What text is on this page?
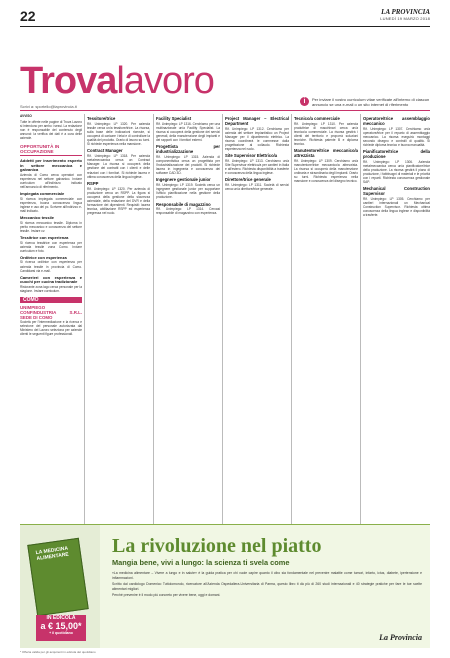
22	LA PROVINCIA
LUNEDÌ 19 MARZO 2018
Trovalavoro
Scrivi a: sportello@laprovincia.it
i	Per inviare il vostro curriculum vitae verificate all'interno di ciascun annuncio se una e-mail o un sito internet di riferimento

AVVISO

Tutte le offerte nelle pagine di Trova Lavoro si intendono per ambo i sessi. La redazione non è responsabile del contenuto degli annunci: la verifica dei dati è a cura delle aziende.

OPPORTUNITÀ IN OCCUPAZIONE

Addetti per inserimento esperto in settore meccanica e galvanica

Azienda di Como cerca operatori con esperienza nel settore galvanico. Inviare curriculum all'indirizzo indicato nell'annuncio di riferimento.

Impiegata commerciale

Si ricerca impiegata commerciale con esperienza, buona conoscenza lingua inglese e uso del pc. Scrivere all'indirizzo e-mail indicato.

Meccanico tessile

Si ricerca meccanico tessile. Diploma in perito meccanico e conoscenza del settore tessile. Inviare cv.

Tessitrice con esperienza

Si ricerca tessitrice con esperienza per azienda tessile zona Como. Inviare curriculum e foto.

Orditrice con esperienza

Si ricerca orditrice con esperienza per azienda tessile in provincia di Como. Candidarsi via e-mail.

Camerieri con esperienza e cuochi per cucina tradizionale

Ristorante zona lago cerca personale per la stagione. Inviare curriculum.

COMO

UNIMPIEGO CONFINDUSTRIA S.R.L. SEDE DI COMO

Società per l'intermediazione e la ricerca e selezione del personale autorizzata dal Ministero del Lavoro seleziona per aziende clienti le seguenti figure professionali.

Tessitore/trice

Rif. Unimpiego: LP 1320. Per azienda tessile cerca un/a tessitore/trice. La risorsa, sulla base delle indicazioni ricevute, si occuperà di caricare i telai e di controllare la qualità del prodotto. Orario di lavoro su turni. Si richiede esperienza nella mansione.

Contract Manager

Rif. Unimpiego: LP 1318. Per azienda metalmeccanica cerca un Contract Manager. La risorsa si occuperà della gestione dei contratti con i clienti e delle relazioni con i fornitori. Si richiede laurea e ottima conoscenza della lingua inglese.

RSPP

Rif. Unimpiego: LP 1320. Per azienda di produzione cerca un RSPP. La figura si occuperà della gestione della sicurezza aziendale, della redazione del DVR e della formazione dei dipendenti. Requisiti: laurea tecnica, abilitazione RSPP ed esperienza pregressa nel ruolo.

Facility Specialist

Rif. Unimpiego: LP 1316. Cerchiamo per una multinazionale un/a Facility Specialist. La risorsa si occuperà della gestione dei servizi generali, della manutenzione degli impianti e dei rapporti con i fornitori esterni.

Progettista per industrializzazione

Rif. Unimpiego: LP 1315. Azienda di componentistica cerca un progettista per l'industrializzazione dei prodotti. Si richiede laurea in ingegneria e conoscenza dei software CAD 3D.

Ingegnere gestionale junior

Rif. Unimpiego: LP 1319. Società cerca un ingegnere gestionale junior per supportare l'ufficio pianificazione nella gestione della produzione.

Responsabile di magazzino

Rif. Unimpiego: LP 1314. Cercasi responsabile di magazzino con esperienza.

Project Manager – Electrical Department

Rif. Unimpiego: LP 1312. Cerchiamo per azienda del settore impiantistico un Project Manager per il dipartimento elettrico. La risorsa coordinerà le commesse dalla progettazione al collaudo. Richiesta esperienza nel ruolo.

Site Supervisor Elettrico/a

Rif. Unimpiego: LP 1313. Cerchiamo un/a Site Supervisor elettrico/a per cantieri in Italia e all'estero. Richiesta disponibilità a trasferte e conoscenza della lingua inglese.

Direttore/trice generale

Rif. Unimpiego: LP 1311. Società di servizi cerca un/a direttore/trice generale.

Tecnico/a commerciale

Rif. Unimpiego: LP 1310. Per azienda produttrice di macchinari cerca un/a tecnico/a commerciale. La risorsa gestirà i clienti del territorio e proporrà soluzioni tecniche. Richiesta patente B e diploma tecnico.

Manutentore/trice meccanico/a attrezzista

Rif. Unimpiego: LP 1309. Cerchiamo un/a manutentore/trice meccanico/a attrezzista. La risorsa si occuperà della manutenzione ordinaria e straordinaria degli impianti. Orario su turni. Richiesta esperienza nella mansione e conoscenza del disegno tecnico.

Operatore/trice assemblaggio meccanico

Rif. Unimpiego: LP 1307. Cerchiamo un/a operatore/trice per il reparto di assemblaggio meccanico. La risorsa eseguirà montaggi secondo disegno e controlli di qualità. Si richiede diploma tecnico e buona manualità.

Pianificatore/trice della produzione

Rif. Unimpiego: LP 1306. Azienda metalmeccanica cerca un/a pianificatore/trice della produzione. La risorsa gestirà il piano di produzione, i fabbisogni di materiali e le priorità con i reparti. Richiesta conoscenza gestionale SAP.

Mechanical Construction Supervisor

Rif. Unimpiego: LP 1305. Cerchiamo per cantieri internazionali un Mechanical Construction Supervisor. Richiesta ottima conoscenza della lingua inglese e disponibilità a trasferte.

LA MEDICINA ALIMENTARE
IN EDICOLA
a € 15,00*
+ il quotidiano
La rivoluzione nel piatto
Mangia bene, vivi a lungo: la scienza ti svela come

«La medicina alimentare – Vivere a lungo e in salute» è la guida pratica per chi vuole capire quanto il cibo sia fondamentale nel prevenire malattie come tumori, infarto, ictus, diabete, ipertensione e infiammazioni.

Scritto dal cardiologo Domenico Tuttolomondo, ricercatore all'Azienda Ospedaliera-Universitaria di Parma, questo libro ti dà più di 260 studi internazionali e 40 strategie pratiche per fare le tue scelte alimentari migliori.

Perché prevenire è il modo più concreto per vivere bene, oggi e domani.

La Provincia
* Offerta valida per gli acquirenti in edicola del quotidiano
